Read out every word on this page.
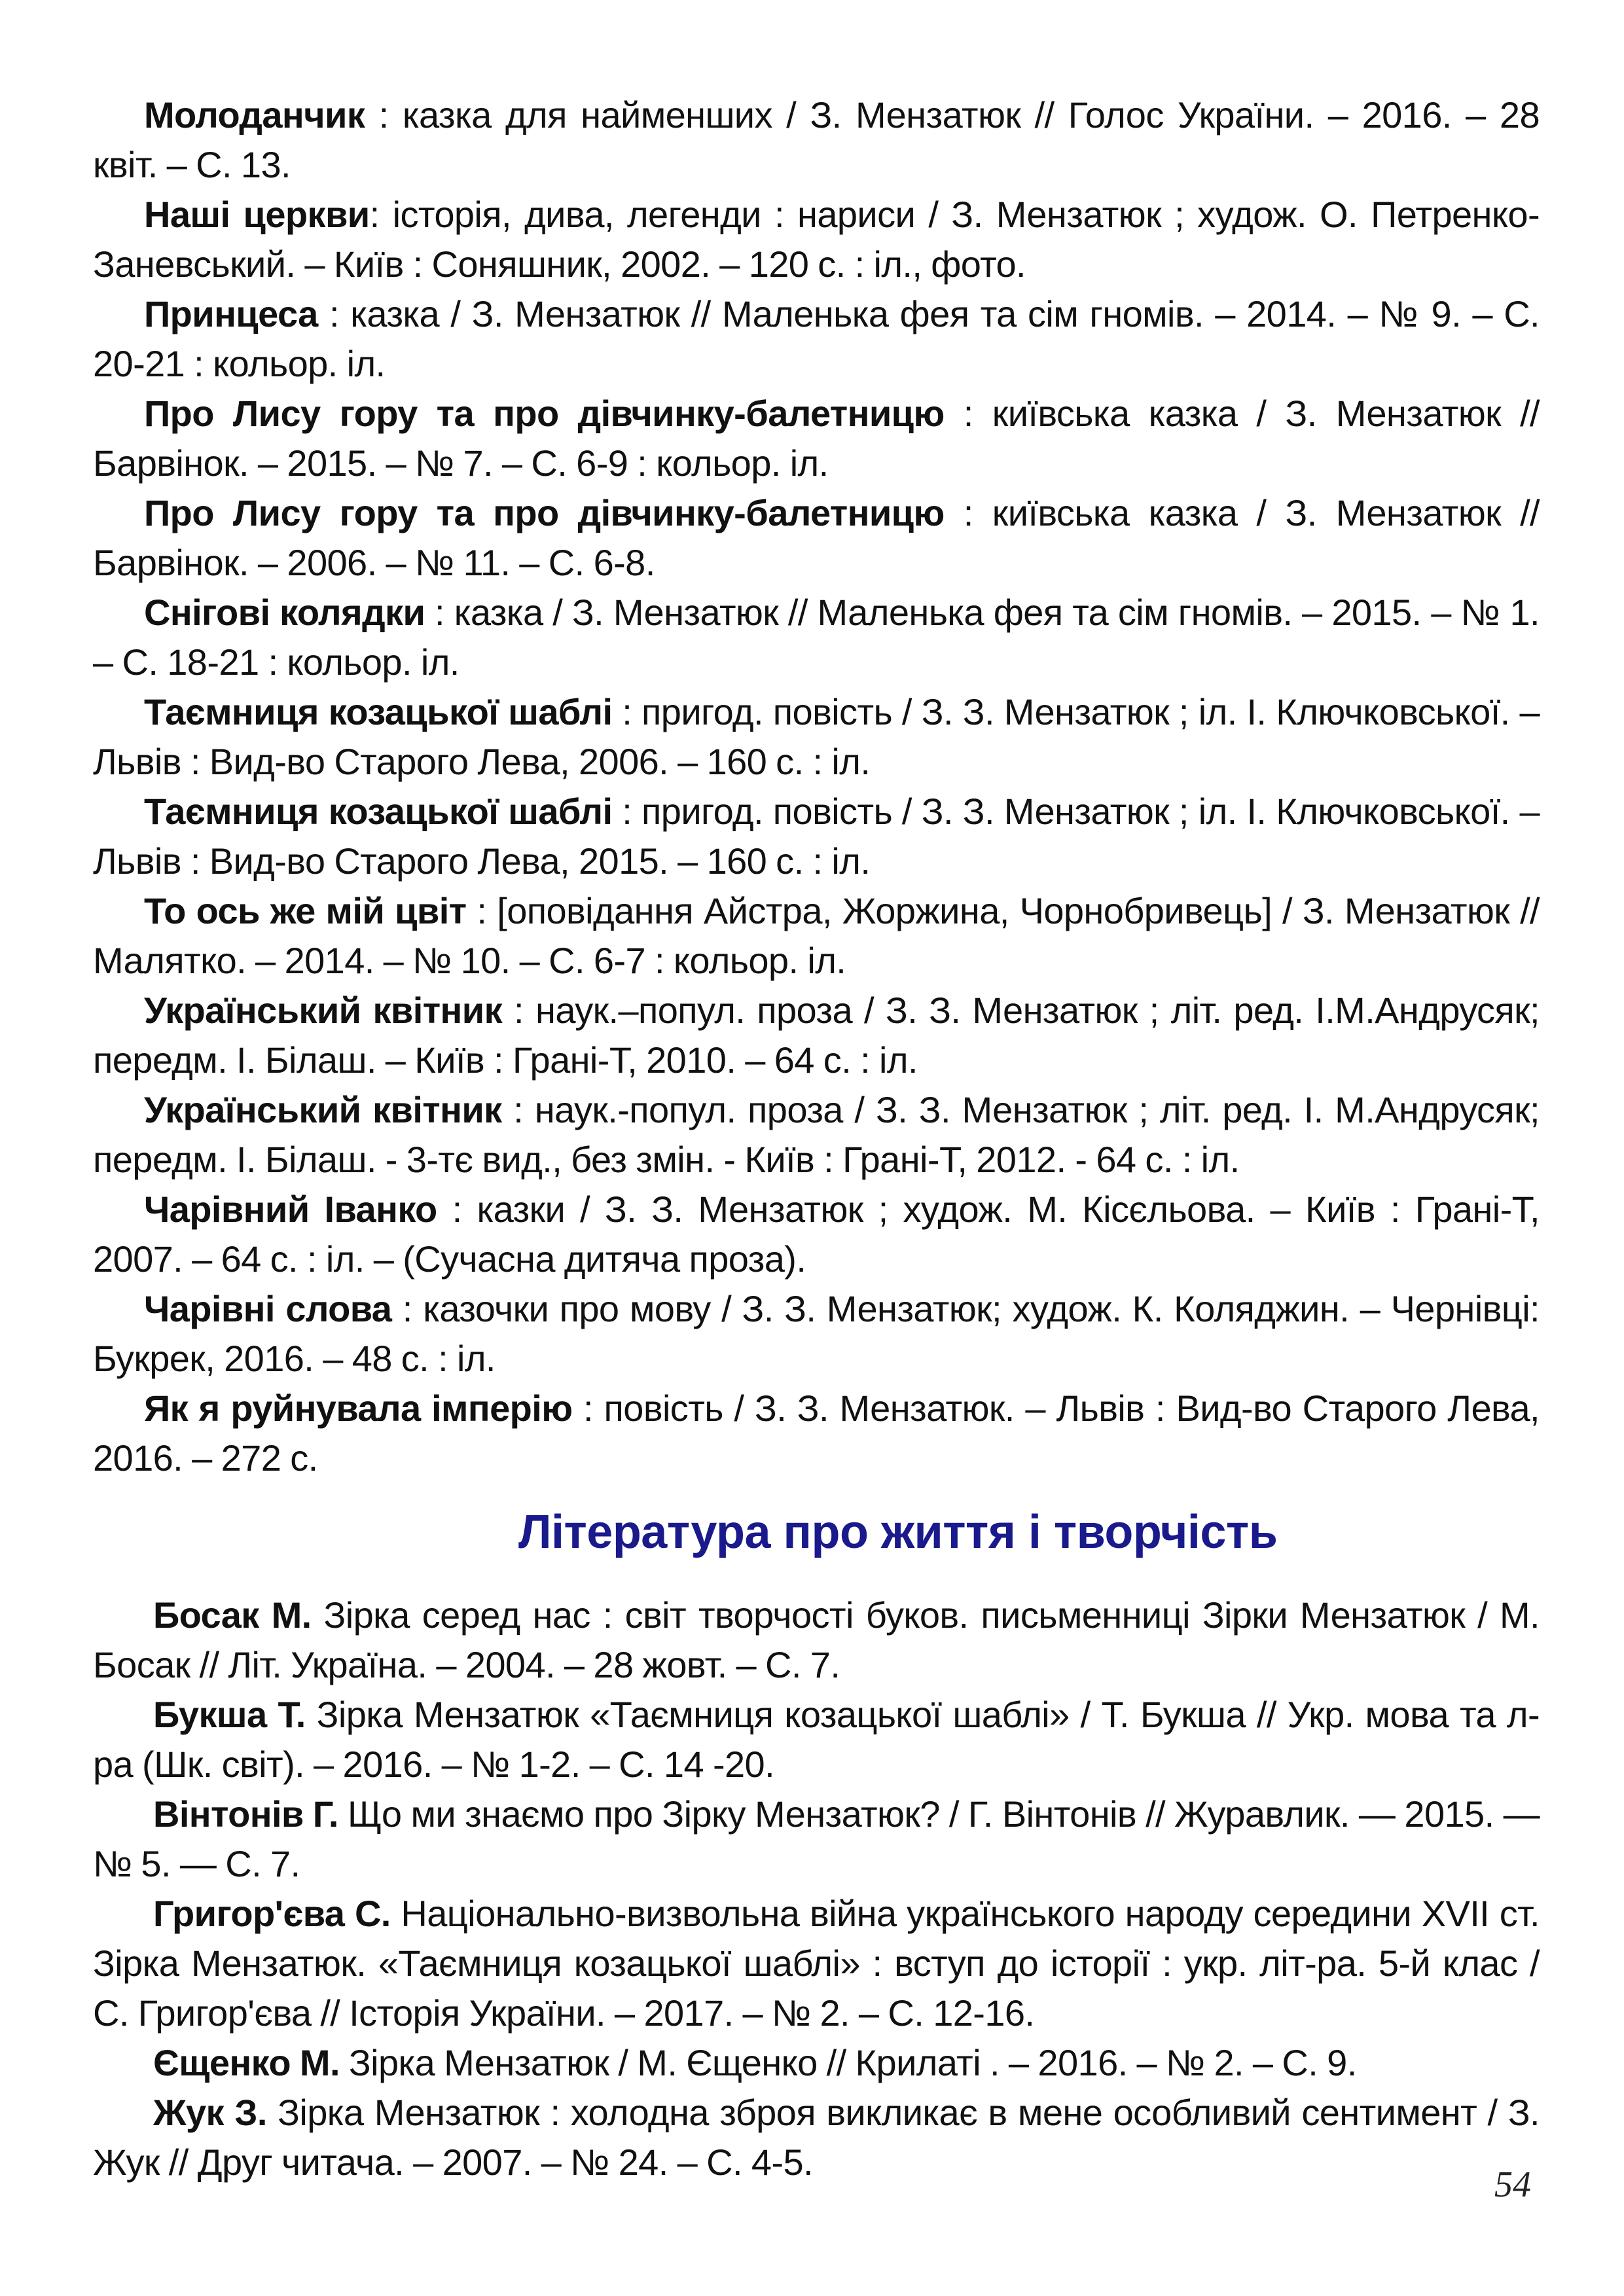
Молоданчик : казка для найменших / З. Мензатюк // Голос України. – 2016. – 28 квіт. – С. 13.

Наші церкви: історія, дива, легенди : нариси / З. Мензатюк ; худож. О. Петренко-Заневський. – Київ : Соняшник, 2002. – 120 с. : іл., фото.

Принцеса : казка / З. Мензатюк // Маленька фея та сім гномів. – 2014. – № 9. – С. 20-21 : кольор. іл.

Про Лису гору та про дівчинку-балетницю : київська казка / З. Мензатюк // Барвінок. – 2015. – № 7. – С. 6-9 : кольор. іл.

Про Лису гору та про дівчинку-балетницю : київська казка / З. Мензатюк // Барвінок. – 2006. – № 11. – С. 6-8.

Снігові колядки : казка / З. Мензатюк // Маленька фея та сім гномів. – 2015. – № 1. – С. 18-21 : кольор. іл.

Таємниця козацької шаблі : пригод. повість / З. З. Мензатюк ; іл. І. Ключковської. – Львів : Вид-во Старого Лева, 2006. – 160 с. : іл.

Таємниця козацької шаблі : пригод. повість / З. З. Мензатюк ; іл. І. Ключковської. – Львів : Вид-во Старого Лева, 2015. – 160 с. : іл.

То ось же мій цвіт : [оповідання Айстра, Жоржина, Чорнобривець] / З. Мензатюк // Малятко. – 2014. – № 10. – С. 6-7 : кольор. іл.

Український квітник : наук.–попул. проза / З. З. Мензатюк ; літ. ред. І.М.Андрусяк; передм. І. Білаш. – Київ : Грані-Т, 2010. – 64 с. : іл.

Український квітник : наук.-попул. проза / З. З. Мензатюк ; літ. ред. І. М.Андрусяк; передм. І. Білаш. - 3-тє вид., без змін. - Київ : Грані-Т, 2012. - 64 с. : іл.

Чарівний Іванко : казки / З. З. Мензатюк ; худож. М. Кісєльова. – Київ : Грані-Т, 2007. – 64 с. : іл. – (Сучасна дитяча проза).

Чарівні слова : казочки про мову / З. З. Мензатюк; худож. К. Коляджин. – Чернівці: Букрек, 2016. – 48 с. : іл.

Як я руйнувала імперію : повість / З. З. Мензатюк. – Львів : Вид-во Старого Лева, 2016. – 272 с.

Література про життя і творчість

Босак М. Зірка серед нас : світ творчості буков. письменниці Зірки Мензатюк / М. Босак // Літ. Україна. – 2004. – 28 жовт. – С. 7.

Букша Т. Зірка Мензатюк «Таємниця козацької шаблі» / Т. Букша // Укр. мова та л-ра (Шк. світ). – 2016. – № 1-2. – С. 14 -20.

Вінтонів Г. Що ми знаємо про Зірку Мензатюк? / Г. Вінтонів // Журавлик. — 2015. — № 5. — С. 7.

Григор'єва С. Національно-визвольна війна українського народу середини XVII ст. Зірка Мензатюк. «Таємниця козацької шаблі» : вступ до історії : укр. літ-ра. 5-й клас / С. Григор'єва // Історія України. – 2017. – № 2. – С. 12-16.

Єщенко М. Зірка Мензатюк / М. Єщенко // Крилаті . – 2016. – № 2. – С. 9.

Жук З. Зірка Мензатюк : холодна зброя викликає в мене особливий сентимент / З. Жук // Друг читача. – 2007. – № 24. – С. 4-5.

54
